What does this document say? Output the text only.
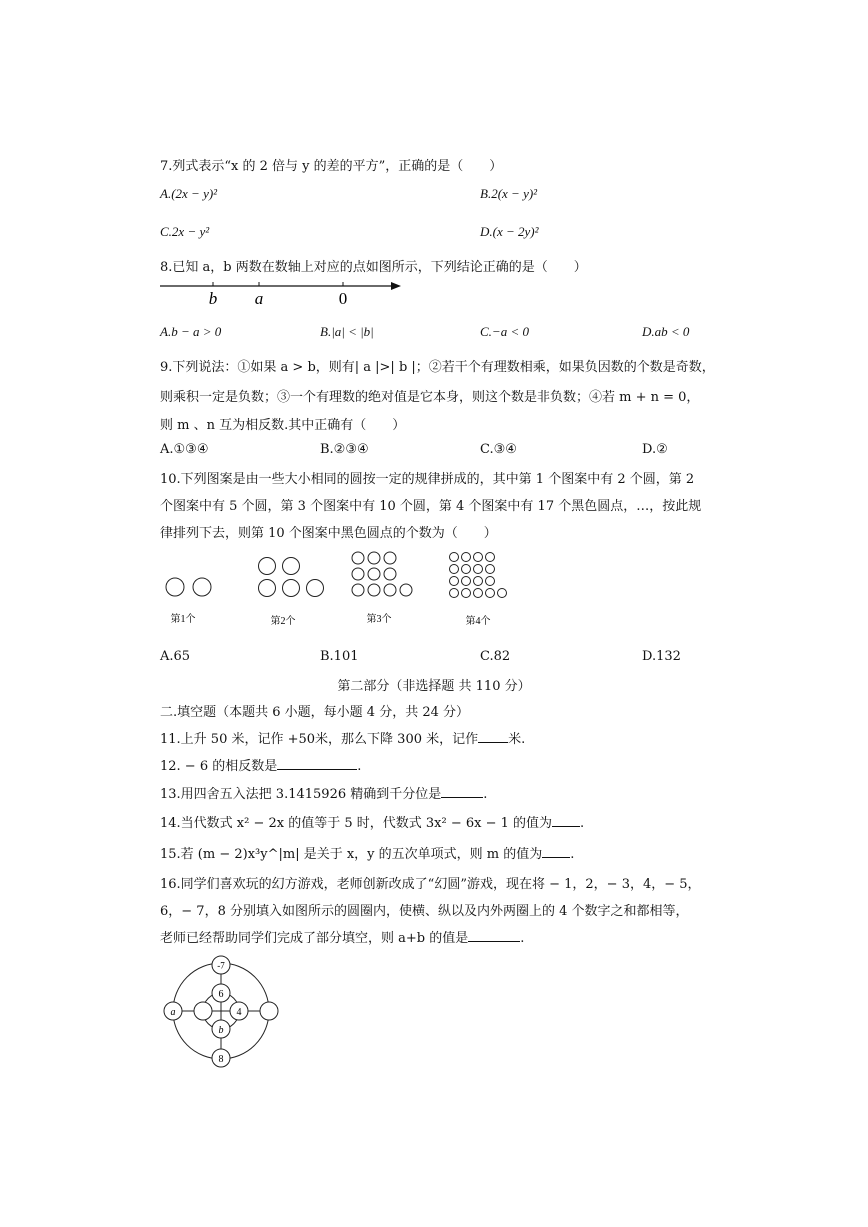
7.列式表示“x 的 2 倍与 y 的差的平方”，正确的是（　　）
A.(2x − y)²	B.2(x − y)²
C.2x − y²	D.(x − 2y)²
8.已知 a，b 两数在数轴上对应的点如图所示，下列结论正确的是（　　）
b a	0
A.b − a > 0	B.|a| < |b|	C.−a < 0	D.ab < 0
9.下列说法：①如果 a > b，则有| a |>| b |；②若干个有理数相乘，如果负因数的个数是奇数，
则乘积一定是负数；③一个有理数的绝对值是它本身，则这个数是非负数；④若 m + n = 0，
则 m 、n 互为相反数.其中正确有（　　）
A.①③④	B.②③④	C.③④	D.②
10.下列图案是由一些大小相同的圆按一定的规律拼成的，其中第 1 个图案中有 2 个圆，第 2
个图案中有 5 个圆，第 3 个图案中有 10 个圆，第 4 个图案中有 17 个黑色圆点，…，按此规
律排列下去，则第 10 个图案中黑色圆点的个数为（　　）
第1个	第2个	第3个	第4个
A.65	B.101	C.82	D.132
第二部分（非选择题 共 110 分）
二.填空题（本题共 6 小题，每小题 4 分，共 24 分）
11.上升 50 米，记作 +50米，那么下降 300 米，记作 米.
12. − 6 的相反数是	.
13.用四舍五入法把 3.1415926 精确到千分位是	.
14.当代数式 x² − 2x 的值等于 5 时，代数式 3x² − 6x − 1 的值为 .
15.若 (m − 2)x³y^|m| 是关于 x，y 的五次单项式，则 m 的值为 .
16.同学们喜欢玩的幻方游戏，老师创新改成了“幻圆”游戏，现在将 − 1，2，− 3，4，− 5，
6，− 7，8 分别填入如图所示的圆圈内，使横、纵以及内外两圈上的 4 个数字之和都相等，
老师已经帮助同学们完成了部分填空，则 a+b 的值是	.
-7
6
a	4
b
8
